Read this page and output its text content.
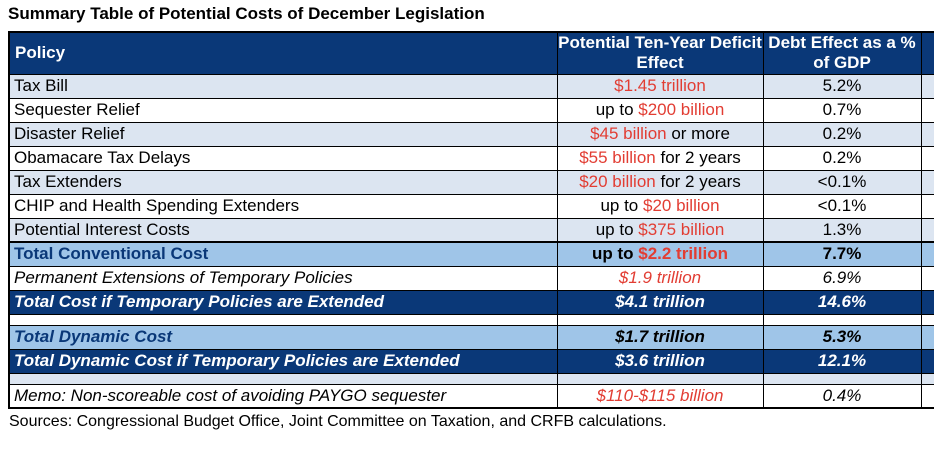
Summary Table of Potential Costs of December Legislation
Policy	Potential Ten-Year Deficit Effect	Debt Effect as a % of GDP	
Tax Bill	$1.45 trillion	5.2%	
Sequester Relief	up to $200 billion	0.7%	
Disaster Relief	$45 billion or more	0.2%	
Obamacare Tax Delays	$55 billion for 2 years	0.2%	
Tax Extenders	$20 billion for 2 years	<0.1%	
CHIP and Health Spending Extenders	up to $20 billion	<0.1%	
Potential Interest Costs	up to $375 billion	1.3%	
Total Conventional Cost	up to $2.2 trillion	7.7%	
Permanent Extensions of Temporary Policies	$1.9 trillion	6.9%	
Total Cost if Temporary Policies are Extended	$4.1 trillion	14.6%	

Total Dynamic Cost	$1.7 trillion	5.3%	
Total Dynamic Cost if Temporary Policies are Extended	$3.6 trillion	12.1%	

Memo: Non-scoreable cost of avoiding PAYGO sequester	$110-$115 billion	0.4%	
Sources: Congressional Budget Office, Joint Committee on Taxation, and CRFB calculations.
